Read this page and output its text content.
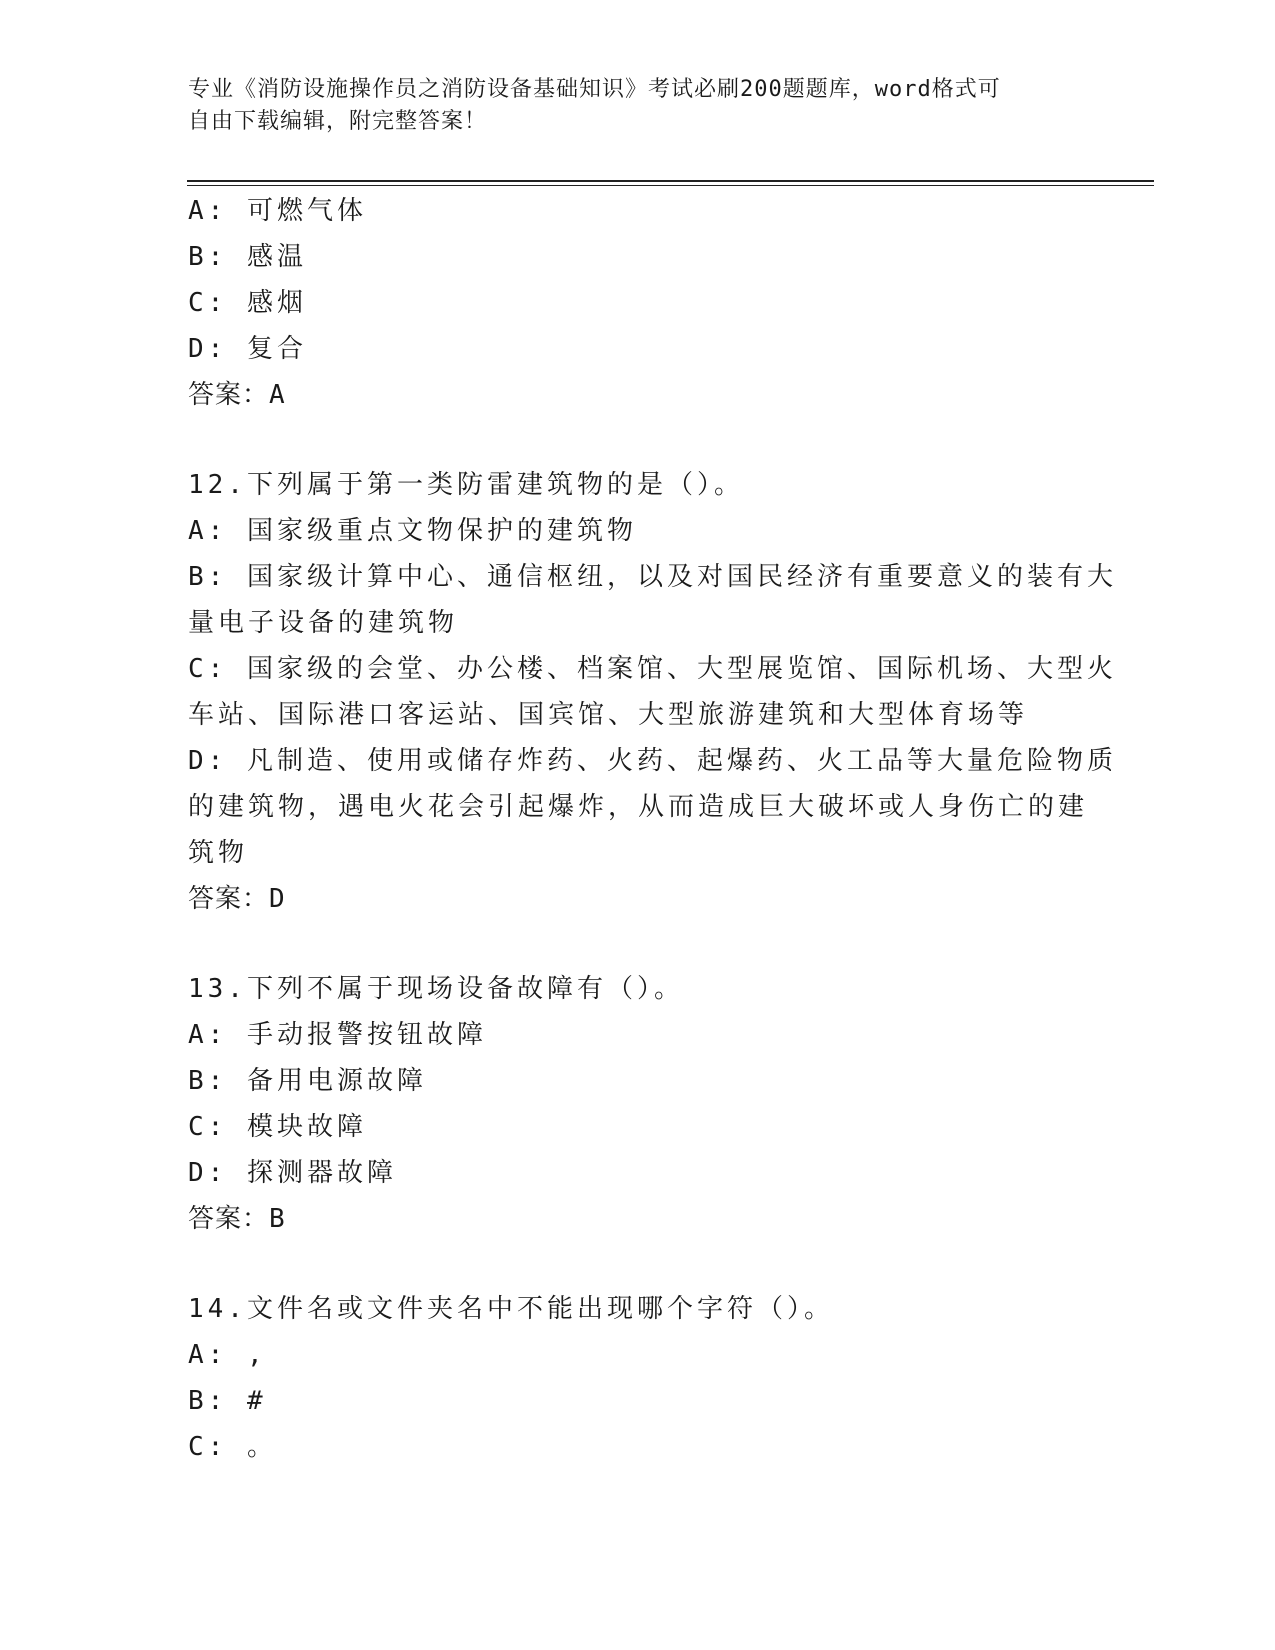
专业《消防设施操作员之消防设备基础知识》考试必刷200题题库，word格式可
自由下载编辑，附完整答案！
A: 可燃气体
B: 感温
C: 感烟
D: 复合
答案：A
12.下列属于第一类防雷建筑物的是（）。
A: 国家级重点文物保护的建筑物
B: 国家级计算中心、通信枢纽，以及对国民经济有重要意义的装有大
量电子设备的建筑物
C: 国家级的会堂、办公楼、档案馆、大型展览馆、国际机场、大型火
车站、国际港口客运站、国宾馆、大型旅游建筑和大型体育场等
D: 凡制造、使用或储存炸药、火药、起爆药、火工品等大量危险物质
的建筑物，遇电火花会引起爆炸，从而造成巨大破坏或人身伤亡的建
筑物
答案：D
13.下列不属于现场设备故障有（）。
A: 手动报警按钮故障
B: 备用电源故障
C: 模块故障
D: 探测器故障
答案：B
14.文件名或文件夹名中不能出现哪个字符（）。
A: ,
B: #
C: 。
